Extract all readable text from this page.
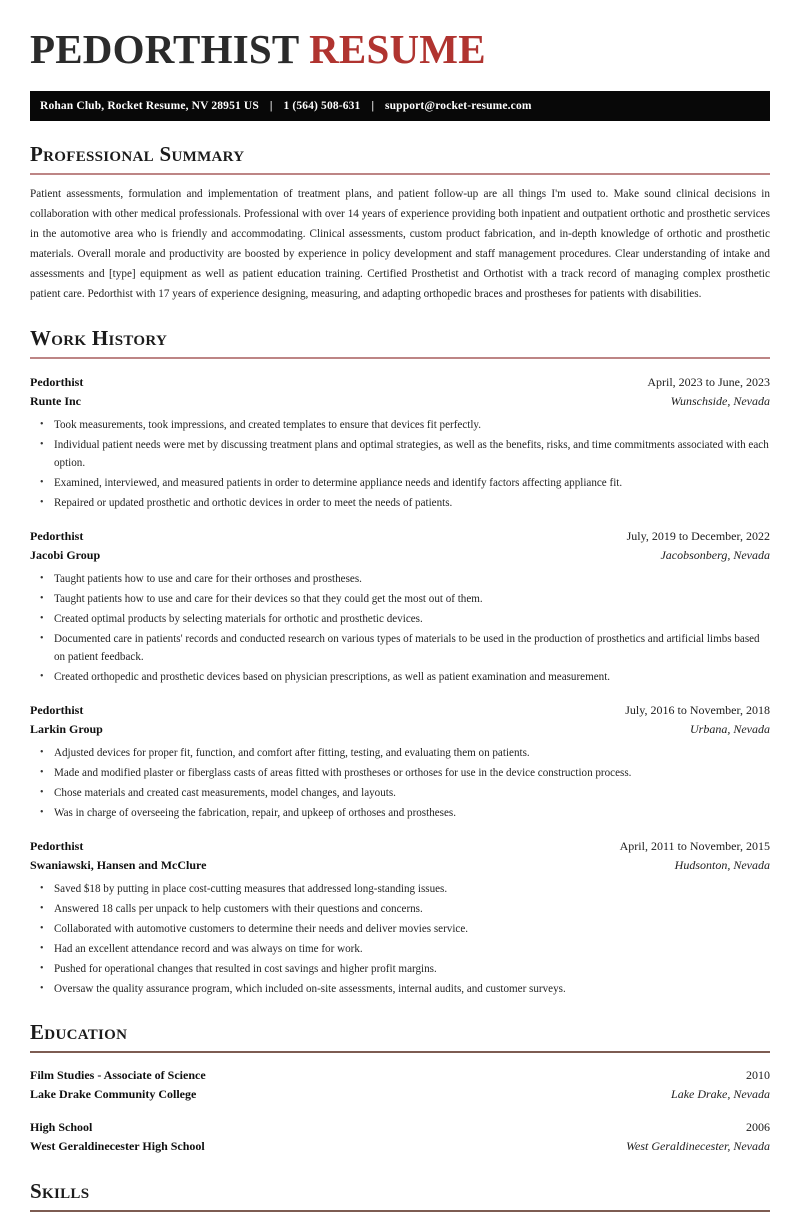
PEDORTHIST RESUME
Rohan Club, Rocket Resume, NV 28951 US | 1 (564) 508-631 | support@rocket-resume.com
Professional Summary

Patient assessments, formulation and implementation of treatment plans, and patient follow-up are all things I'm used to. Make sound clinical decisions in collaboration with other medical professionals. Professional with over 14 years of experience providing both inpatient and outpatient orthotic and prosthetic services in the automotive area who is friendly and accommodating. Clinical assessments, custom product fabrication, and in-depth knowledge of orthotic and prosthetic materials. Overall morale and productivity are boosted by experience in policy development and staff management procedures. Clear understanding of intake and assessments and [type] equipment as well as patient education training. Certified Prosthetist and Orthotist with a track record of managing complex prosthetic patient care. Pedorthist with 17 years of experience designing, measuring, and adapting orthopedic braces and prostheses for patients with disabilities.

Work History
Pedorthist	April, 2023 to June, 2023
Runte Inc	Wunschside, Nevada
• Took measurements, took impressions, and created templates to ensure that devices fit perfectly.
• Individual patient needs were met by discussing treatment plans and optimal strategies, as well as the benefits, risks, and time commitments associated with each option.
• Examined, interviewed, and measured patients in order to determine appliance needs and identify factors affecting appliance fit.
• Repaired or updated prosthetic and orthotic devices in order to meet the needs of patients.
Pedorthist	July, 2019 to December, 2022
Jacobi Group	Jacobsonberg, Nevada
• Taught patients how to use and care for their orthoses and prostheses.
• Taught patients how to use and care for their devices so that they could get the most out of them.
• Created optimal products by selecting materials for orthotic and prosthetic devices.
• Documented care in patients' records and conducted research on various types of materials to be used in the production of prosthetics and artificial limbs based on patient feedback.
• Created orthopedic and prosthetic devices based on physician prescriptions, as well as patient examination and measurement.
Pedorthist	July, 2016 to November, 2018
Larkin Group	Urbana, Nevada
• Adjusted devices for proper fit, function, and comfort after fitting, testing, and evaluating them on patients.
• Made and modified plaster or fiberglass casts of areas fitted with prostheses or orthoses for use in the device construction process.
• Chose materials and created cast measurements, model changes, and layouts.
• Was in charge of overseeing the fabrication, repair, and upkeep of orthoses and prostheses.
Pedorthist	April, 2011 to November, 2015
Swaniawski, Hansen and McClure	Hudsonton, Nevada
• Saved $18 by putting in place cost-cutting measures that addressed long-standing issues.
• Answered 18 calls per unpack to help customers with their questions and concerns.
• Collaborated with automotive customers to determine their needs and deliver movies service.
• Had an excellent attendance record and was always on time for work.
• Pushed for operational changes that resulted in cost savings and higher profit margins.
• Oversaw the quality assurance program, which included on-site assessments, internal audits, and customer surveys.
Education
Film Studies - Associate of Science	2010
Lake Drake Community College	Lake Drake, Nevada
High School	2006
West Geraldinecester High School	West Geraldinecester, Nevada
Skills
